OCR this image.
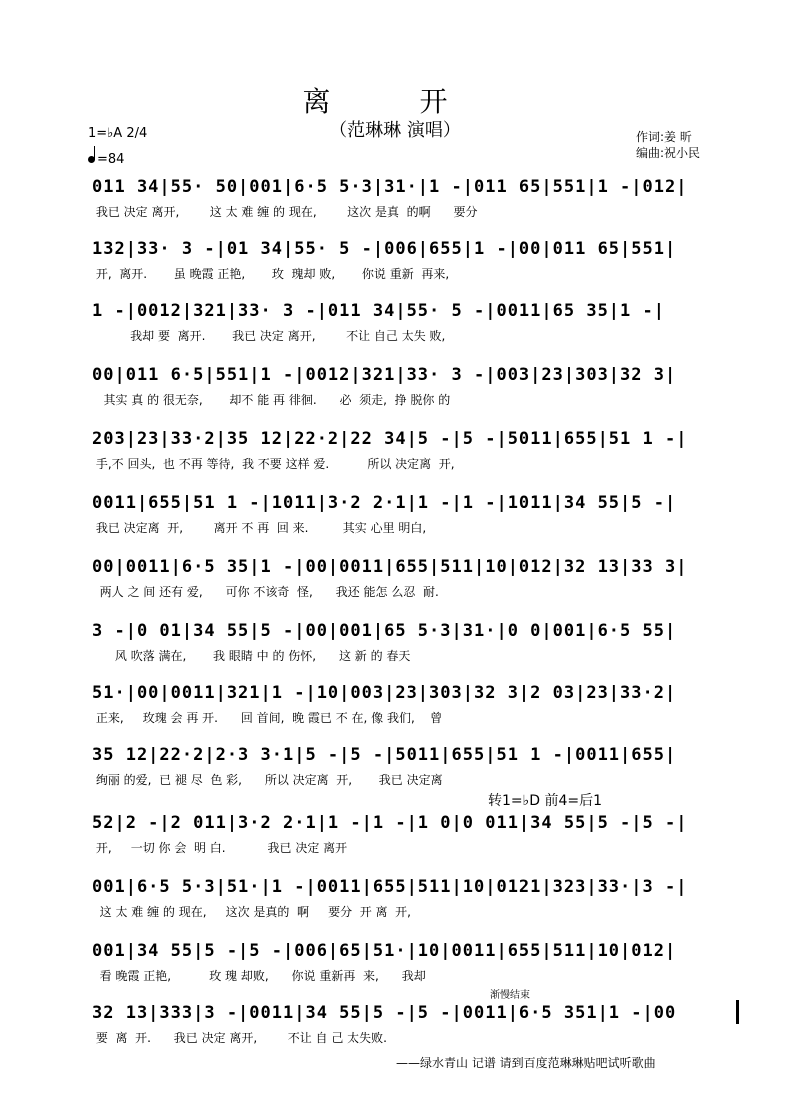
离 开
（范琳琳 演唱）
1=♭A 2/4
=84
作词:姜 昕
编曲:祝小民
011 34|55· 50|001|6·5 5·3|31·|1 -|011 65|551|1 -|012|
我已 决定 离开,        这 太 难 缠 的 现在,        这次 是真  的啊      要分
132|33· 3 -|01 34|55· 5 -|006|655|1 -|00|011 65|551|
开,  离开.       虽 晚霞 正艳,       玫  瑰却 败,       你说 重新  再来,
1 -|0012|321|33· 3 -|011 34|55· 5 -|0011|65 35|1 -|
我却 要  离开.       我已 决定 离开,        不让 自己 太失 败,
00|011 6·5|551|1 -|0012|321|33· 3 -|003|23|303|32 3|
其实 真 的 很无奈,       却不 能 再 徘徊.      必  须走,  挣 脱你 的
203|23|33·2|35 12|22·2|22 34|5 -|5 -|5011|655|51 1 -|
手,不 回头,  也 不再 等待,  我 不要 这样 爱.          所以 决定离  开,
0011|655|51 1 -|1011|3·2 2·1|1 -|1 -|1011|34 55|5 -|
我已 决定离  开,        离开 不 再  回 来.         其实 心里 明白,
00|0011|6·5 35|1 -|00|0011|655|511|10|012|32 13|33 3|
两人 之 间 还有 爱,      可你 不该奇  怪,      我还 能怎 么忍  耐.
3 -|0 01|34 55|5 -|00|001|65 5·3|31·|0 0|001|6·5 55|
风 吹落 满在,       我 眼睛 中 的 伤怀,      这 新 的 春天
51·|00|0011|321|1 -|10|003|23|303|32 3|2 03|23|33·2|
正来,     玫瑰 会 再 开.      回 首间,  晚 霞已 不 在, 像 我们,    曾
35 12|22·2|2·3 3·1|5 -|5 -|5011|655|51 1 -|0011|655|
绚丽 的爱,  已 褪 尽  色 彩,      所以 决定离  开,       我已 决定离
转1=♭D 前4=后1
52|2 -|2 011|3·2 2·1|1 -|1 -|1 0|0 011|34 55|5 -|5 -|
开,     一切 你 会  明 白.           我已 决定 离开
001|6·5 5·3|51·|1 -|0011|655|511|10|0121|323|33·|3 -|
这 太 难 缠 的 现在,     这次 是真的  啊     要分  开 离  开,
001|34 55|5 -|5 -|006|65|51·|10|0011|655|511|10|012|
看 晚霞 正艳,          玫 瑰 却败,      你说 重新再  来,      我却
渐慢结束
32 13|333|3 -|0011|34 55|5 -|5 -|0011|6·5 351|1 -|00
要  离  开.      我已 决定 离开,        不让 自 己 太失败.
——绿水青山 记谱 请到百度范琳琳贴吧试听歌曲
